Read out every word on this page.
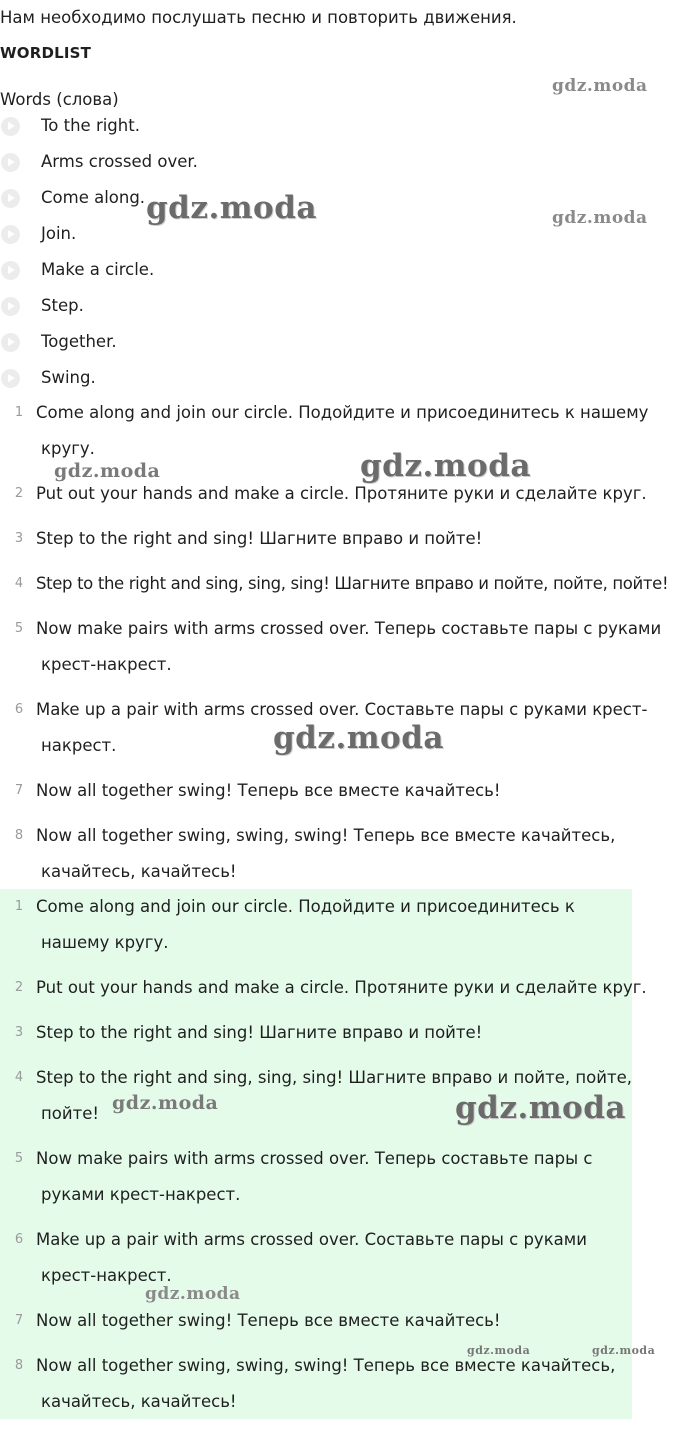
Нам необходимо послушать песню и повторить движения.

WORDLIST

Words (слова)

To the right.
Arms crossed over.
Come along.
Join.
Make a circle.
Step.
Together.
Swing.
1 Come along and join our circle. Подойдите и присоединитесь к нашему
кругу.
2 Put out your hands and make a circle. Протяните руки и сделайте круг.
3 Step to the right and sing! Шагните вправо и пойте!
4 Step to the right and sing, sing, sing! Шагните вправо и пойте, пойте, пойте!
5 Now make pairs with arms crossed over. Теперь составьте пары с руками
крест-накрест.
6 Make up a pair with arms crossed over. Составьте пары с руками крест-
накрест.
7 Now all together swing! Теперь все вместе качайтесь!
8 Now all together swing, swing, swing! Теперь все вместе качайтесь,
качайтесь, качайтесь!
1 Come along and join our circle. Подойдите и присоединитесь к
нашему кругу.
2 Put out your hands and make a circle. Протяните руки и сделайте круг.
3 Step to the right and sing! Шагните вправо и пойте!
4 Step to the right and sing, sing, sing! Шагните вправо и пойте, пойте,
пойте!
5 Now make pairs with arms crossed over. Теперь составьте пары с
руками крест-накрест.
6 Make up a pair with arms crossed over. Составьте пары с руками
крест-накрест.
7 Now all together swing! Теперь все вместе качайтесь!
8 Now all together swing, swing, swing! Теперь все вместе качайтесь,
качайтесь, качайтесь!
gdz.moda
gdz.moda	gdz.moda
gdz.moda	gdz.moda
gdz.moda
gdz.moda	gdz.moda
gdz.moda
gdz.moda	gdz.moda
